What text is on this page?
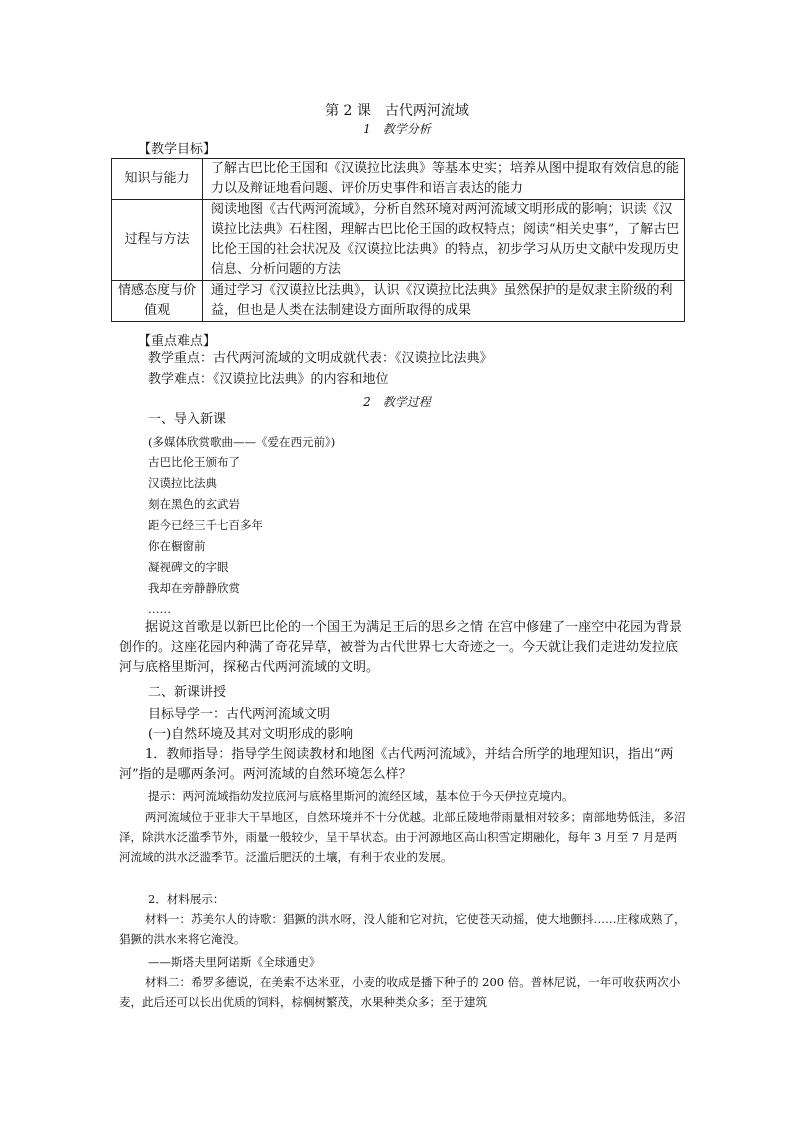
第 2 课　古代两河流域
1　教学分析
【教学目标】
知识与能力	了解古巴比伦王国和《汉谟拉比法典》等基本史实；培养从图中提取有效信息的能力以及辩证地看问题、评价历史事件和语言表达的能力
过程与方法	阅读地图《古代两河流域》，分析自然环境对两河流域文明形成的影响；识读《汉谟拉比法典》石柱图，理解古巴比伦王国的政权特点；阅读“相关史事”，了解古巴比伦王国的社会状况及《汉谟拉比法典》的特点，初步学习从历史文献中发现历史信息、分析问题的方法
情感态度与价值观	通过学习《汉谟拉比法典》，认识《汉谟拉比法典》虽然保护的是奴隶主阶级的利益，但也是人类在法制建设方面所取得的成果
【重点难点】
教学重点：古代两河流域的文明成就代表：《汉谟拉比法典》
教学难点：《汉谟拉比法典》的内容和地位
2　教学过程
一、导入新课
(多媒体欣赏歌曲——《爱在西元前》)
古巴比伦王颁布了
汉谟拉比法典
刻在黑色的玄武岩
距今已经三千七百多年
你在橱窗前
凝视碑文的字眼
我却在旁静静欣赏
……
据说这首歌是以新巴比伦的一个国王为满足王后的思乡之情 在宫中修建了一座空中花园为背景创作的。这座花园内种满了奇花异草，被誉为古代世界七大奇迹之一。今天就让我们走进幼发拉底河与底格里斯河，探秘古代两河流域的文明。
二、新课讲授
目标导学一：古代两河流域文明
(一)自然环境及其对文明形成的影响
1．教师指导：指导学生阅读教材和地图《古代两河流域》，并结合所学的地理知识，指出“两河”指的是哪两条河。两河流域的自然环境怎么样？
提示：两河流域指幼发拉底河与底格里斯河的流经区域，基本位于今天伊拉克境内。
两河流域位于亚非大干旱地区，自然环境并不十分优越。北部丘陵地带雨量相对较多；南部地势低洼，多沼泽，除洪水泛滥季节外，雨量一般较少，呈干旱状态。由于河源地区高山积雪定期融化，每年 3 月至 7 月是两河流域的洪水泛滥季节。泛滥后肥沃的土壤，有利于农业的发展。
2．材料展示：
材料一：苏美尔人的诗歌：猖獗的洪水呀，没人能和它对抗，它使苍天动摇，使大地颤抖……庄稼成熟了，猖獗的洪水来将它淹没。
——斯塔夫里阿诺斯《全球通史》
材料二：希罗多德说，在美索不达米亚，小麦的收成是播下种子的 200 倍。普林尼说，一年可收获两次小麦，此后还可以长出优质的饲料，棕榈树繁茂，水果种类众多；至于建筑
